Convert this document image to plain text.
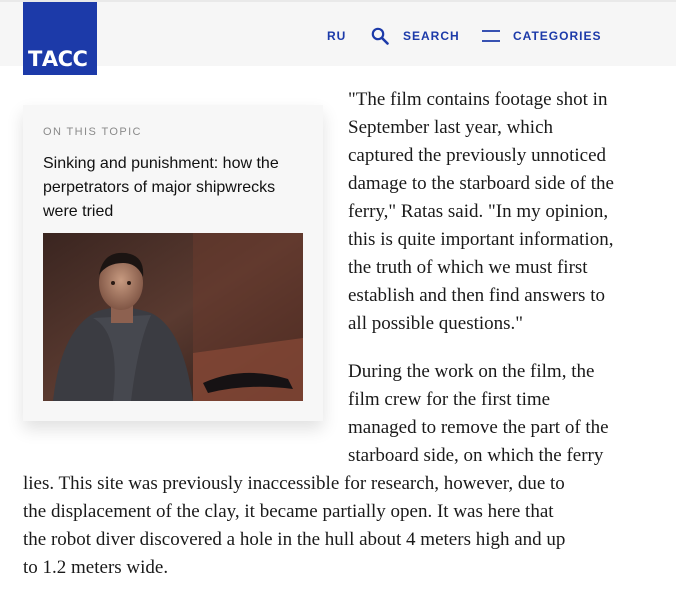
RU	SEARCH	CATEGORIES
ТАСС
ON THIS TOPIC
Sinking and punishment: how the perpetrators of major shipwrecks were tried

"The film contains footage shot in
September last year, which
captured the previously unnoticed
damage to the starboard side of the
ferry," Ratas said. "In my opinion,
this is quite important information,
the truth of which we must first
establish and then find answers to
all possible questions."

During the work on the film, the
film crew for the first time
managed to remove the part of the
starboard side, on which the ferry
lies. This site was previously inaccessible for research, however, due to
the displacement of the clay, it became partially open. It was here that
the robot diver discovered a hole in the hull about 4 meters high and up
to 1.2 meters wide.
